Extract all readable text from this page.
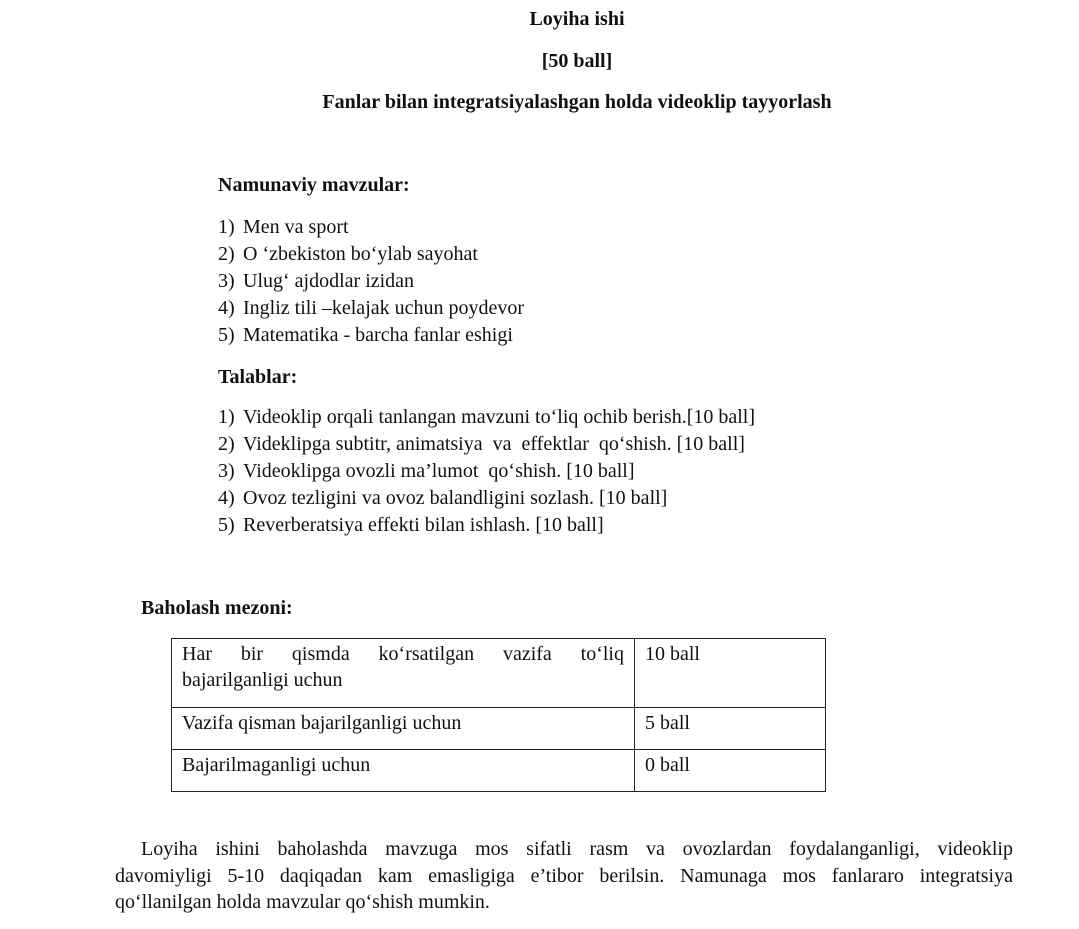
Loyiha ishi
[50 ball]
Fanlar bilan integratsiyalashgan holda videoklip tayyorlash
Namunaviy mavzular:
1) Men va sport
2) O ‘zbekiston bo‘ylab sayohat
3) Ulug‘ ajdodlar izidan
4) Ingliz tili –kelajak uchun poydevor
5) Matematika - barcha fanlar eshigi
Talablar:
1) Videoklip orqali tanlangan mavzuni to‘liq ochib berish.[10 ball]
2) Videklipga subtitr, animatsiya  va  effektlar  qo‘shish. [10 ball]
3) Videoklipga ovozli ma’lumot  qo‘shish. [10 ball]
4) Ovoz tezligini va ovoz balandligini sozlash. [10 ball]
5) Reverberatsiya effekti bilan ishlash. [10 ball]
Baholash mezoni:
Har bir qismda ko‘rsatilgan vazifa to‘liq
bajarilganligi uchun	10 ball
Vazifa qisman bajarilganligi uchun	5 ball
Bajarilmaganligi uchun	0 ball
Loyiha ishini baholashda mavzuga mos sifatli rasm va ovozlardan foydalanganligi, videoklip
davomiyligi 5-10 daqiqadan kam emasligiga e’tibor berilsin. Namunaga mos fanlararo integratsiya
qo‘llanilgan holda mavzular qo‘shish mumkin.
